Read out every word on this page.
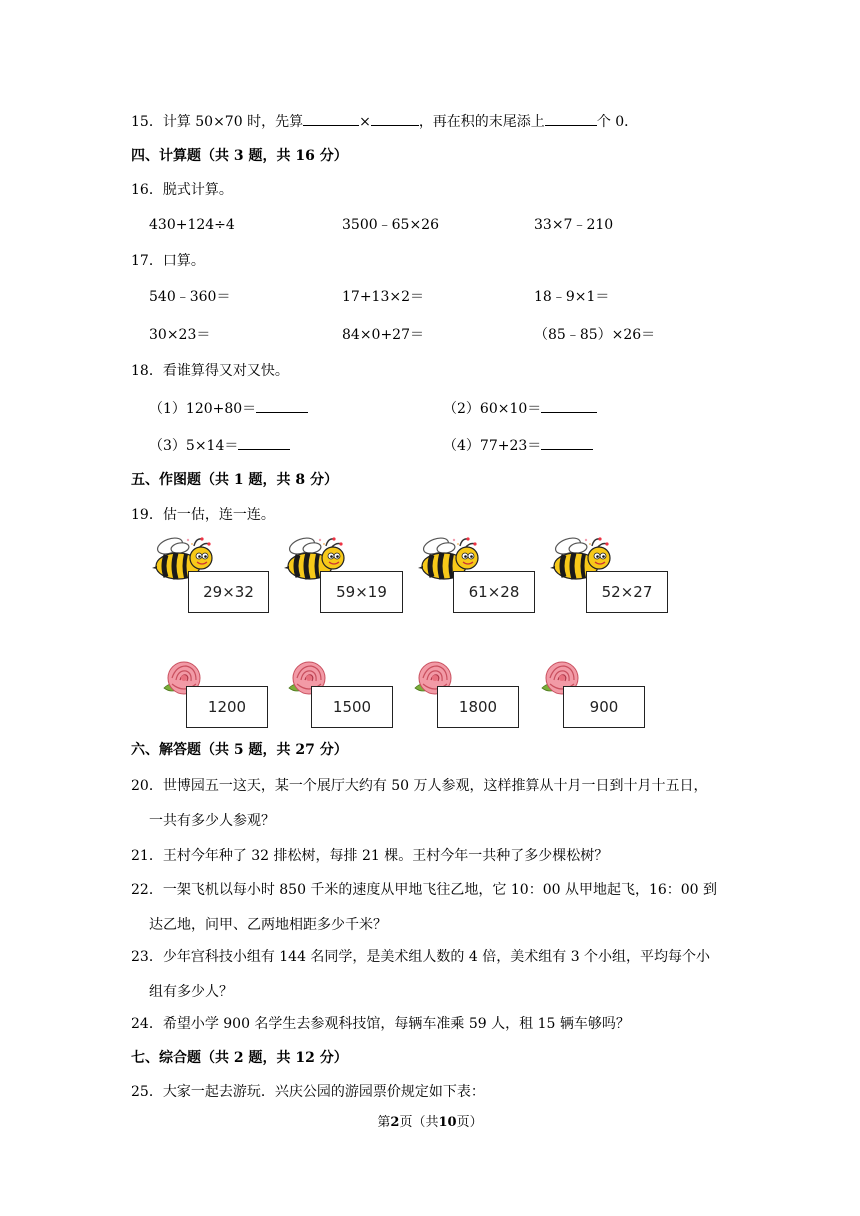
15．计算 50×70 时，先算	×	，再在积的末尾添上	个 0．
四、计算题（共 3 题，共 16 分）
16．脱式计算。
430+124÷4	3500﹣65×26	33×7﹣210
17．口算。
540﹣360＝	17+13×2＝	18﹣9×1＝
30×23＝	84×0+27＝	（85﹣85）×26＝
18．看谁算得又对又快。
（1）120+80＝	（2）60×10＝
（3）5×14＝	（4）77+23＝
五、作图题（共 1 题，共 8 分）
19．估一估，连一连。
29×32	59×19	61×28	52×27
1200	1500	1800	900
六、解答题（共 5 题，共 27 分）
20．世博园五一这天，某一个展厅大约有 50 万人参观，这样推算从十月一日到十月十五日，
一共有多少人参观？
21．王村今年种了 32 排松树，每排 21 棵。王村今年一共种了多少棵松树？
22．一架飞机以每小时 850 千米的速度从甲地飞往乙地，它 10：00 从甲地起飞，16：00 到
达乙地，问甲、乙两地相距多少千米？
23．少年宫科技小组有 144 名同学，是美术组人数的 4 倍，美术组有 3 个小组，平均每个小
组有多少人？
24．希望小学 900 名学生去参观科技馆，每辆车准乘 59 人，租 15 辆车够吗？
七、综合题（共 2 题，共 12 分）
25．大家一起去游玩．兴庆公园的游园票价规定如下表：
第2页（共10页）
